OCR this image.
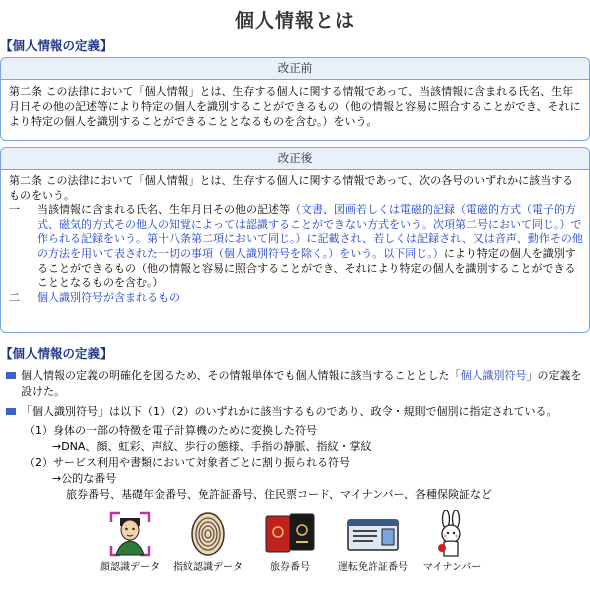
個人情報とは
【個人情報の定義】
改正前
第二条 この法律において「個人情報」とは、生存する個人に関する情報であって、当該情報に含まれる氏名、生年月日その他の記述等により特定の個人を識別することができるもの（他の情報と容易に照合することができ、それにより特定の個人を識別することができることとなるものを含む。）をいう。
改正後
第二条 この法律において「個人情報」とは、生存する個人に関する情報であって、次の各号のいずれかに該当するものをいう。
一	当該情報に含まれる氏名、生年月日その他の記述等（文書、図画若しくは電磁的記録（電磁的方式（電子的方式、磁気的方式その他人の知覚によっては認識することができない方式をいう。次項第二号において同じ。）で作られる記録をいう。第十八条第二項において同じ。）に記載され、若しくは記録され、又は音声、動作その他の方法を用いて表された一切の事項（個人識別符号を除く。）をいう。以下同じ。）により特定の個人を識別することができるもの（他の情報と容易に照合することができ、それにより特定の個人を識別することができることとなるものを含む。）
二	個人識別符号が含まれるもの
【個人情報の定義】
個人情報の定義の明確化を図るため、その情報単体でも個人情報に該当することとした「個人識別符号」の定義を設けた。
「個人識別符号」は以下（1）（2）のいずれかに該当するものであり、政令・規則で個別に指定されている。
（1）身体の一部の特徴を電子計算機のために変換した符号
→DNA、顔、虹彩、声紋、歩行の態様、手指の静脈、指紋・掌紋
（2）サービス利用や書類において対象者ごとに割り振られる符号
→公的な番号
旅券番号、基礎年金番号、免許証番号、住民票コード、マイナンバー、各種保険証など
顔認識データ	指紋認識データ	旅券番号	運転免許証番号	マイナンバー
